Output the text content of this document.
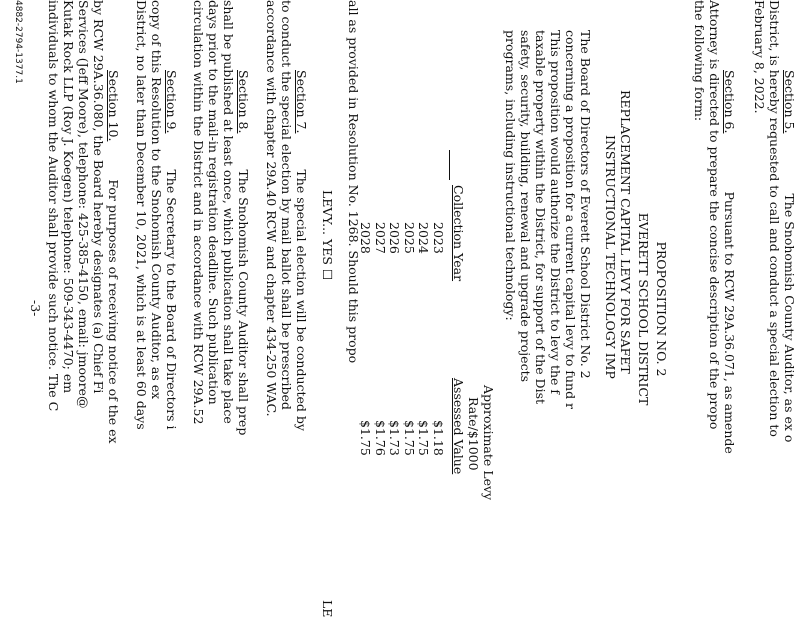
Section 5.The Snohomish County Auditor, as ex o
District, is hereby requested to call and conduct a special election to
February 8, 2022.
Section 6.Pursuant to RCW 29A.36.071, as amende
Attorney is directed to prepare the concise description of the propo
the following form:
PROPOSITION NO. 2
EVERETT SCHOOL DISTRICT
REPLACEMENT CAPITAL LEVY FOR SAFET
INSTRUCTIONAL TECHNOLOGY IMP
The Board of Directors of Everett School District No. 2
concerning a proposition for a current capital levy to fund r
This proposition would authorize the District to levy the f
taxable property within the District, for support of the Dist
safety, security, building, renewal and upgrade projects
programs, including instructional technology:
Approximate Levy
Rate/$1000
Collection Year
Assessed Value
2023
$1.18
2024
$1.75
2025
$1.75
2026
$1.73
2027
$1.76
2028
$1.75
all as provided in Resolution No. 1268. Should this propo
LEVY... YES ☐
LE
Section 7.The special election will be conducted by
to conduct the special election by mail ballot shall be prescribed
accordance with chapter 29A.40 RCW and chapter 434-250 WAC.
Section 8.The Snohomish County Auditor shall prep
shall be published at least once, which publication shall take place
days prior to the mail-in registration deadline. Such publication
circulation within the District and in accordance with RCW 29A.52
Section 9.The Secretary to the Board of Directors i
copy of this Resolution to the Snohomish County Auditor, as ex
District, no later than December 10, 2021, which is at least 60 days
Section 10.For purposes of receiving notice of the ex
by RCW 29A.36.080, the Board hereby designates (a) Chief Fi
Services (Jeff Moore), telephone: 425-385-4150, email: jmoore@
Kutak Rock LLP (Roy J. Koegen) telephone: 509-343-4470; em
individuals to whom the Auditor shall provide such notice. The C
-3-
4882-2794-1377.1
